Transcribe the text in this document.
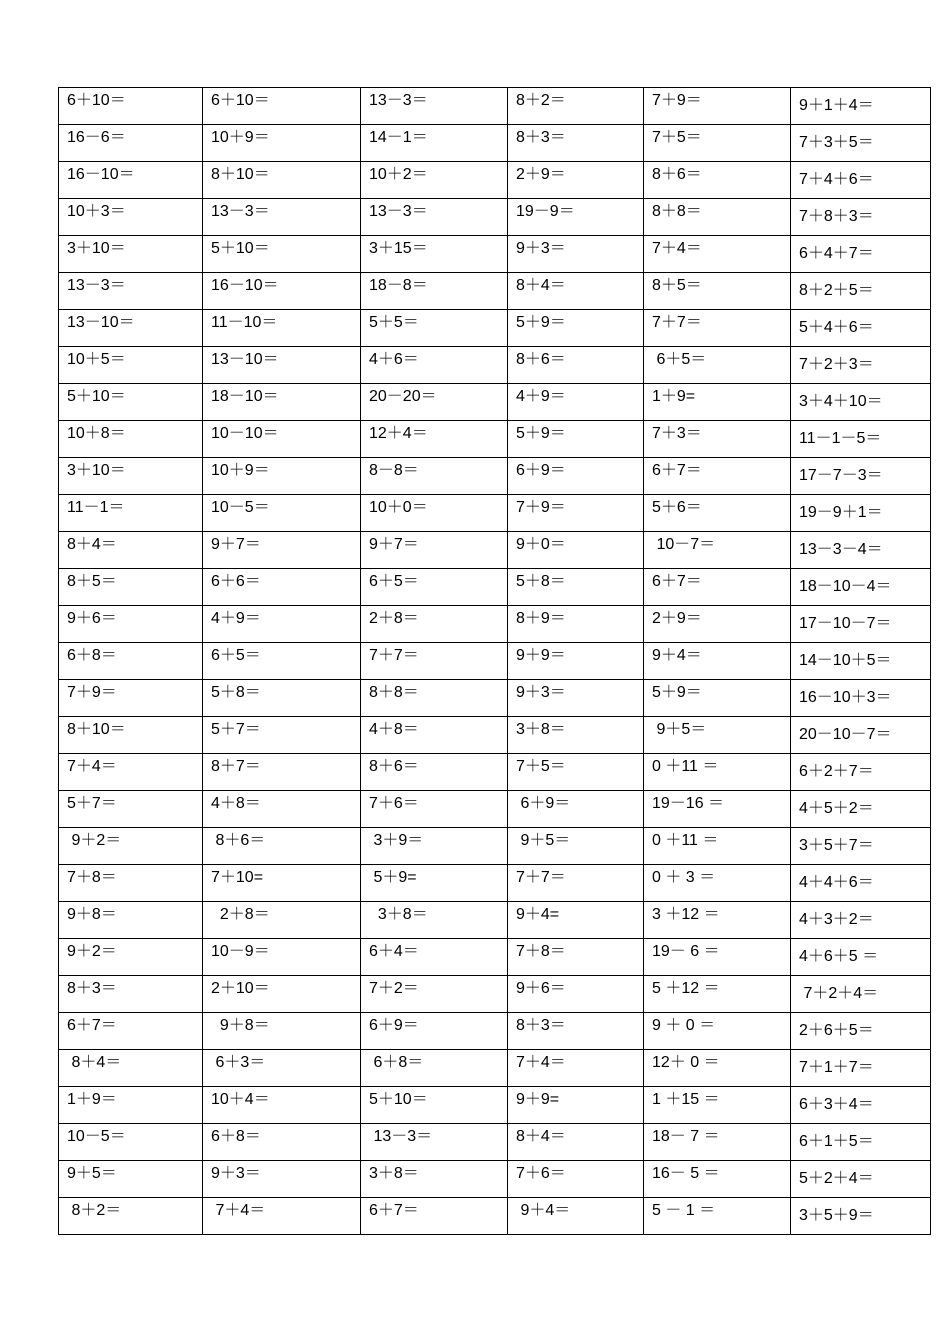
6＋10＝	6＋10＝	13－3＝	8＋2＝	7＋9＝	9＋1＋4＝
16－6＝	10＋9＝	14－1＝	8＋3＝	7＋5＝	7＋3＋5＝
16－10＝	8＋10＝	10＋2＝	2＋9＝	8＋6＝	7＋4＋6＝
10＋3＝	13－3＝	13－3＝	19－9＝	8＋8＝	7＋8＋3＝
3＋10＝	5＋10＝	3＋15＝	9＋3＝	7＋4＝	6＋4＋7＝
13－3＝	16－10＝	18－8＝	8＋4＝	8＋5＝	8＋2＋5＝
13－10＝	11－10＝	5＋5＝	5＋9＝	7＋7＝	5＋4＋6＝
10＋5＝	13－10＝	4＋6＝	8＋6＝	6＋5＝	7＋2＋3＝
5＋10＝	18－10＝	20－20＝	4＋9＝	1＋9=	3＋4＋10＝
10＋8＝	10－10＝	12＋4＝	5＋9＝	7＋3＝	11－1－5＝
3＋10＝	10＋9＝	8－8＝	6＋9＝	6＋7＝	17－7－3＝
11－1＝	10－5＝	10＋0＝	7＋9＝	5＋6＝	19－9＋1＝
8＋4＝	9＋7＝	9＋7＝	9＋0＝	10－7＝	13－3－4＝
8＋5＝	6＋6＝	6＋5＝	5＋8＝	6＋7＝	18－10－4＝
9＋6＝	4＋9＝	2＋8＝	8＋9＝	2＋9＝	17－10－7＝
6＋8＝	6＋5＝	7＋7＝	9＋9＝	9＋4＝	14－10＋5＝
7＋9＝	5＋8＝	8＋8＝	9＋3＝	5＋9＝	16－10＋3＝
8＋10＝	5＋7＝	4＋8＝	3＋8＝	9＋5＝	20－10－7＝
7＋4＝	8＋7＝	8＋6＝	7＋5＝	0 ＋11 ＝	6＋2＋7＝
5＋7＝	4＋8＝	7＋6＝	6＋9＝	19－16 ＝	4＋5＋2＝
9＋2＝	8＋6＝	3＋9＝	9＋5＝	0 ＋11 ＝	3＋5＋7＝
7＋8＝	7＋10=	5＋9=	7＋7＝	0 ＋ 3 ＝	4＋4＋6＝
9＋8＝	2＋8＝	3＋8＝	9＋4=	3 ＋12 ＝	4＋3＋2＝
9＋2＝	10－9＝	6＋4＝	7＋8＝	19－ 6 ＝	4＋6＋5 ＝
8＋3＝	2＋10＝	7＋2＝	9＋6＝	5 ＋12 ＝	7＋2＋4＝
6＋7＝	9＋8＝	6＋9＝	8＋3＝	9 ＋ 0 ＝	2＋6＋5＝
8＋4＝	6＋3＝	6＋8＝	7＋4＝	12＋ 0 ＝	7＋1＋7＝
1＋9＝	10＋4＝	5＋10＝	9＋9=	1 ＋15 ＝	6＋3＋4＝
10－5＝	6＋8＝	13－3＝	8＋4＝	18－ 7 ＝	6＋1＋5＝
9＋5＝	9＋3＝	3＋8＝	7＋6＝	16－ 5 ＝	5＋2＋4＝
8＋2＝	7＋4＝	6＋7＝	9＋4＝	5 － 1 ＝	3＋5＋9＝
